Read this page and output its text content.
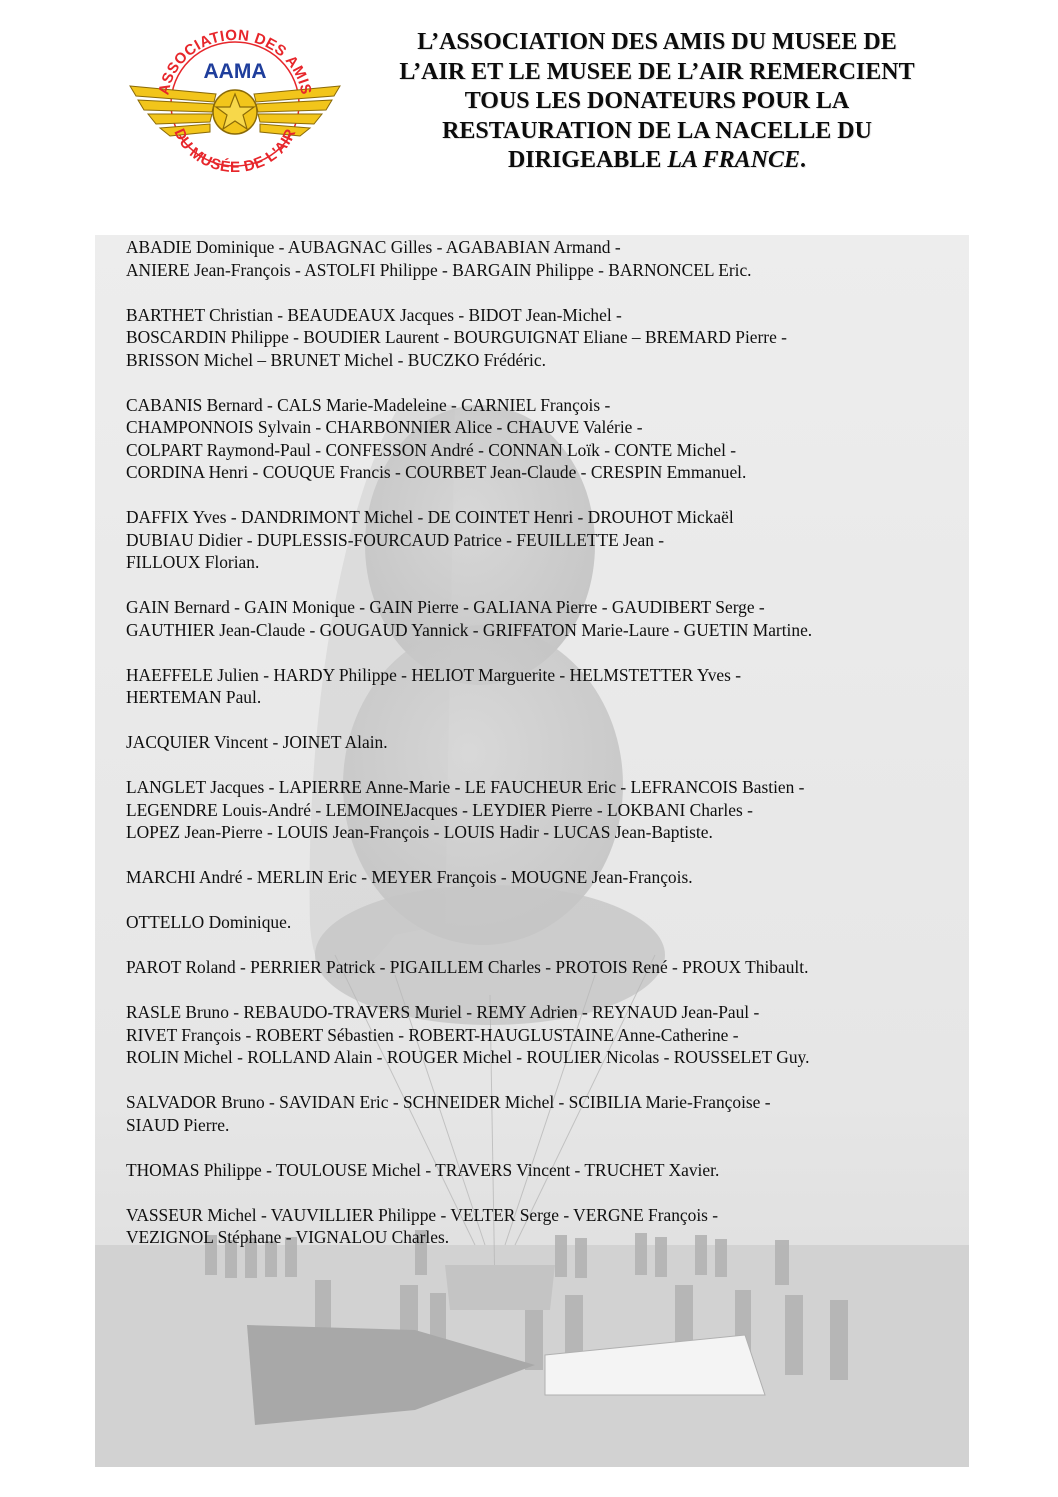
ASSOCIATION DES AMIS
DU MUSÉE DE L'AIR
AAMA
L’ASSOCIATION DES AMIS DU MUSEE DE
L’AIR ET LE MUSEE DE L’AIR REMERCIENT
TOUS LES DONATEURS POUR LA
RESTAURATION DE LA NACELLE DU
DIRIGEABLE LA FRANCE.
ABADIE Dominique - AUBAGNAC Gilles - AGABABIAN Armand -
ANIERE Jean-François - ASTOLFI Philippe - BARGAIN Philippe - BARNONCEL Eric.
BARTHET Christian - BEAUDEAUX Jacques - BIDOT Jean-Michel -
BOSCARDIN Philippe - BOUDIER Laurent - BOURGUIGNAT Eliane – BREMARD Pierre -
BRISSON Michel – BRUNET Michel - BUCZKO Frédéric.
CABANIS Bernard - CALS Marie-Madeleine - CARNIEL François -
CHAMPONNOIS Sylvain - CHARBONNIER Alice - CHAUVE Valérie -
COLPART Raymond-Paul - CONFESSON André - CONNAN Loïk - CONTE Michel -
CORDINA Henri - COUQUE Francis - COURBET Jean-Claude - CRESPIN Emmanuel.
DAFFIX Yves - DANDRIMONT Michel - DE COINTET Henri - DROUHOT Mickaël
DUBIAU Didier - DUPLESSIS-FOURCAUD Patrice - FEUILLETTE Jean -
FILLOUX Florian.
GAIN Bernard - GAIN Monique - GAIN Pierre - GALIANA Pierre - GAUDIBERT Serge -
GAUTHIER Jean-Claude - GOUGAUD Yannick - GRIFFATON Marie-Laure - GUETIN Martine.
HAEFFELE Julien - HARDY Philippe - HELIOT Marguerite - HELMSTETTER Yves -
HERTEMAN Paul.
JACQUIER Vincent - JOINET Alain.
LANGLET Jacques - LAPIERRE Anne-Marie - LE FAUCHEUR Eric - LEFRANCOIS Bastien -
LEGENDRE Louis-André - LEMOINEJacques - LEYDIER Pierre - LOKBANI Charles -
LOPEZ Jean-Pierre - LOUIS Jean-François - LOUIS Hadir - LUCAS Jean-Baptiste.
MARCHI André - MERLIN Eric - MEYER François - MOUGNE Jean-François.
OTTELLO Dominique.
PAROT Roland - PERRIER Patrick - PIGAILLEM Charles - PROTOIS René - PROUX Thibault.
RASLE Bruno - REBAUDO-TRAVERS Muriel - REMY Adrien - REYNAUD Jean-Paul -
RIVET François - ROBERT Sébastien - ROBERT-HAUGLUSTAINE Anne-Catherine -
ROLIN Michel - ROLLAND Alain - ROUGER Michel - ROULIER Nicolas - ROUSSELET Guy.
SALVADOR Bruno - SAVIDAN Eric - SCHNEIDER Michel - SCIBILIA Marie-Françoise -
SIAUD Pierre.
THOMAS Philippe - TOULOUSE Michel - TRAVERS Vincent - TRUCHET Xavier.
VASSEUR Michel - VAUVILLIER Philippe - VELTER Serge - VERGNE François -
VEZIGNOL Stéphane - VIGNALOU Charles.
